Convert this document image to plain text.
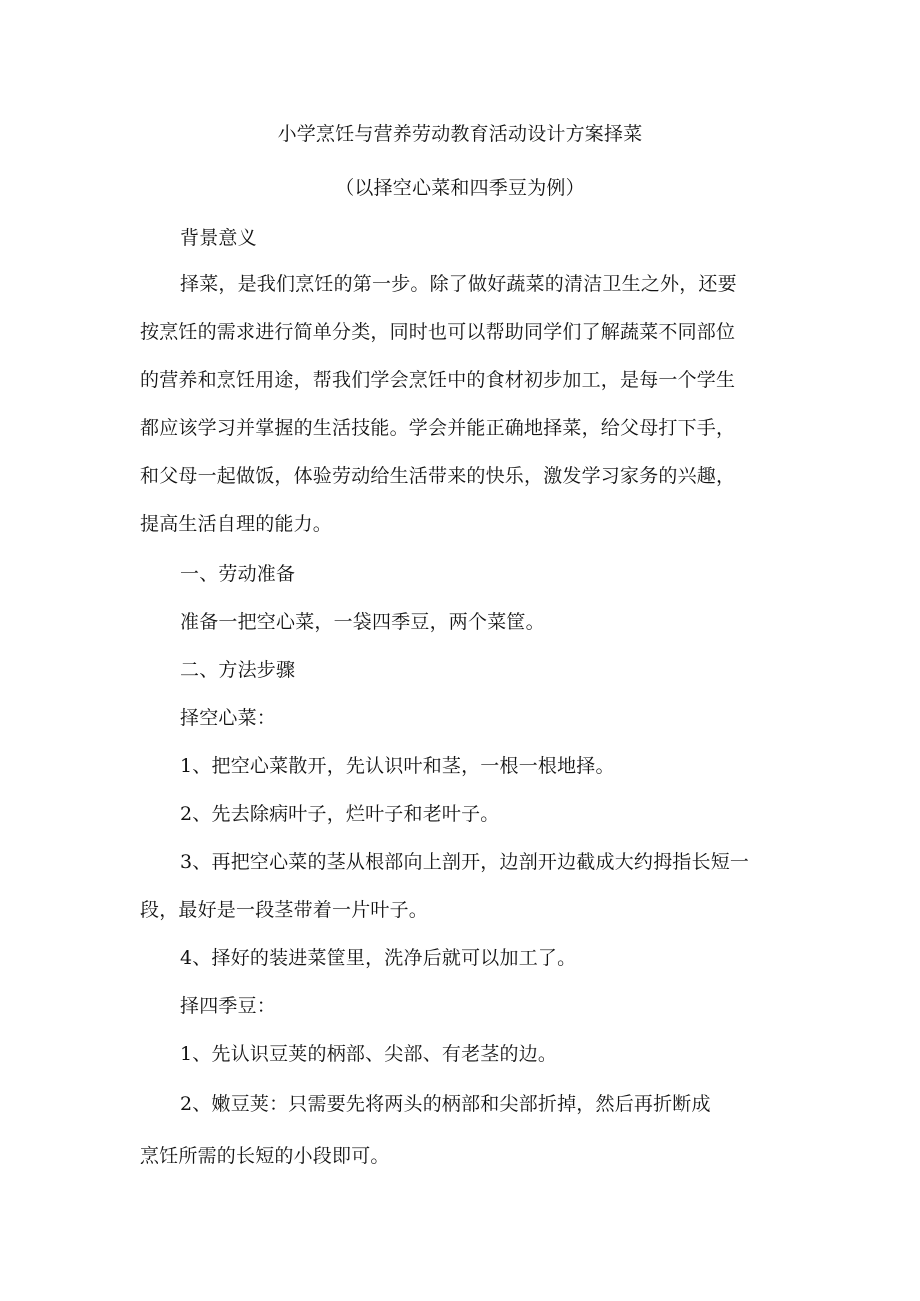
小学烹饪与营养劳动教育活动设计方案择菜
（以择空心菜和四季豆为例）
背景意义
择菜，是我们烹饪的第一步。除了做好蔬菜的清洁卫生之外，还要
按烹饪的需求进行简单分类，同时也可以帮助同学们了解蔬菜不同部位
的营养和烹饪用途，帮我们学会烹饪中的食材初步加工，是每一个学生
都应该学习并掌握的生活技能。学会并能正确地择菜，给父母打下手，
和父母一起做饭，体验劳动给生活带来的快乐，激发学习家务的兴趣，
提高生活自理的能力。
一、劳动准备
准备一把空心菜，一袋四季豆，两个菜筐。
二、方法步骤
择空心菜：
1、把空心菜散开，先认识叶和茎，一根一根地择。
2、先去除病叶子，烂叶子和老叶子。
3、再把空心菜的茎从根部向上剖开，边剖开边截成大约拇指长短一
段，最好是一段茎带着一片叶子。
4、择好的装进菜筐里，洗净后就可以加工了。
择四季豆：
1、先认识豆荚的柄部、尖部、有老茎的边。
2、嫩豆荚：只需要先将两头的柄部和尖部折掉，然后再折断成
烹饪所需的长短的小段即可。
